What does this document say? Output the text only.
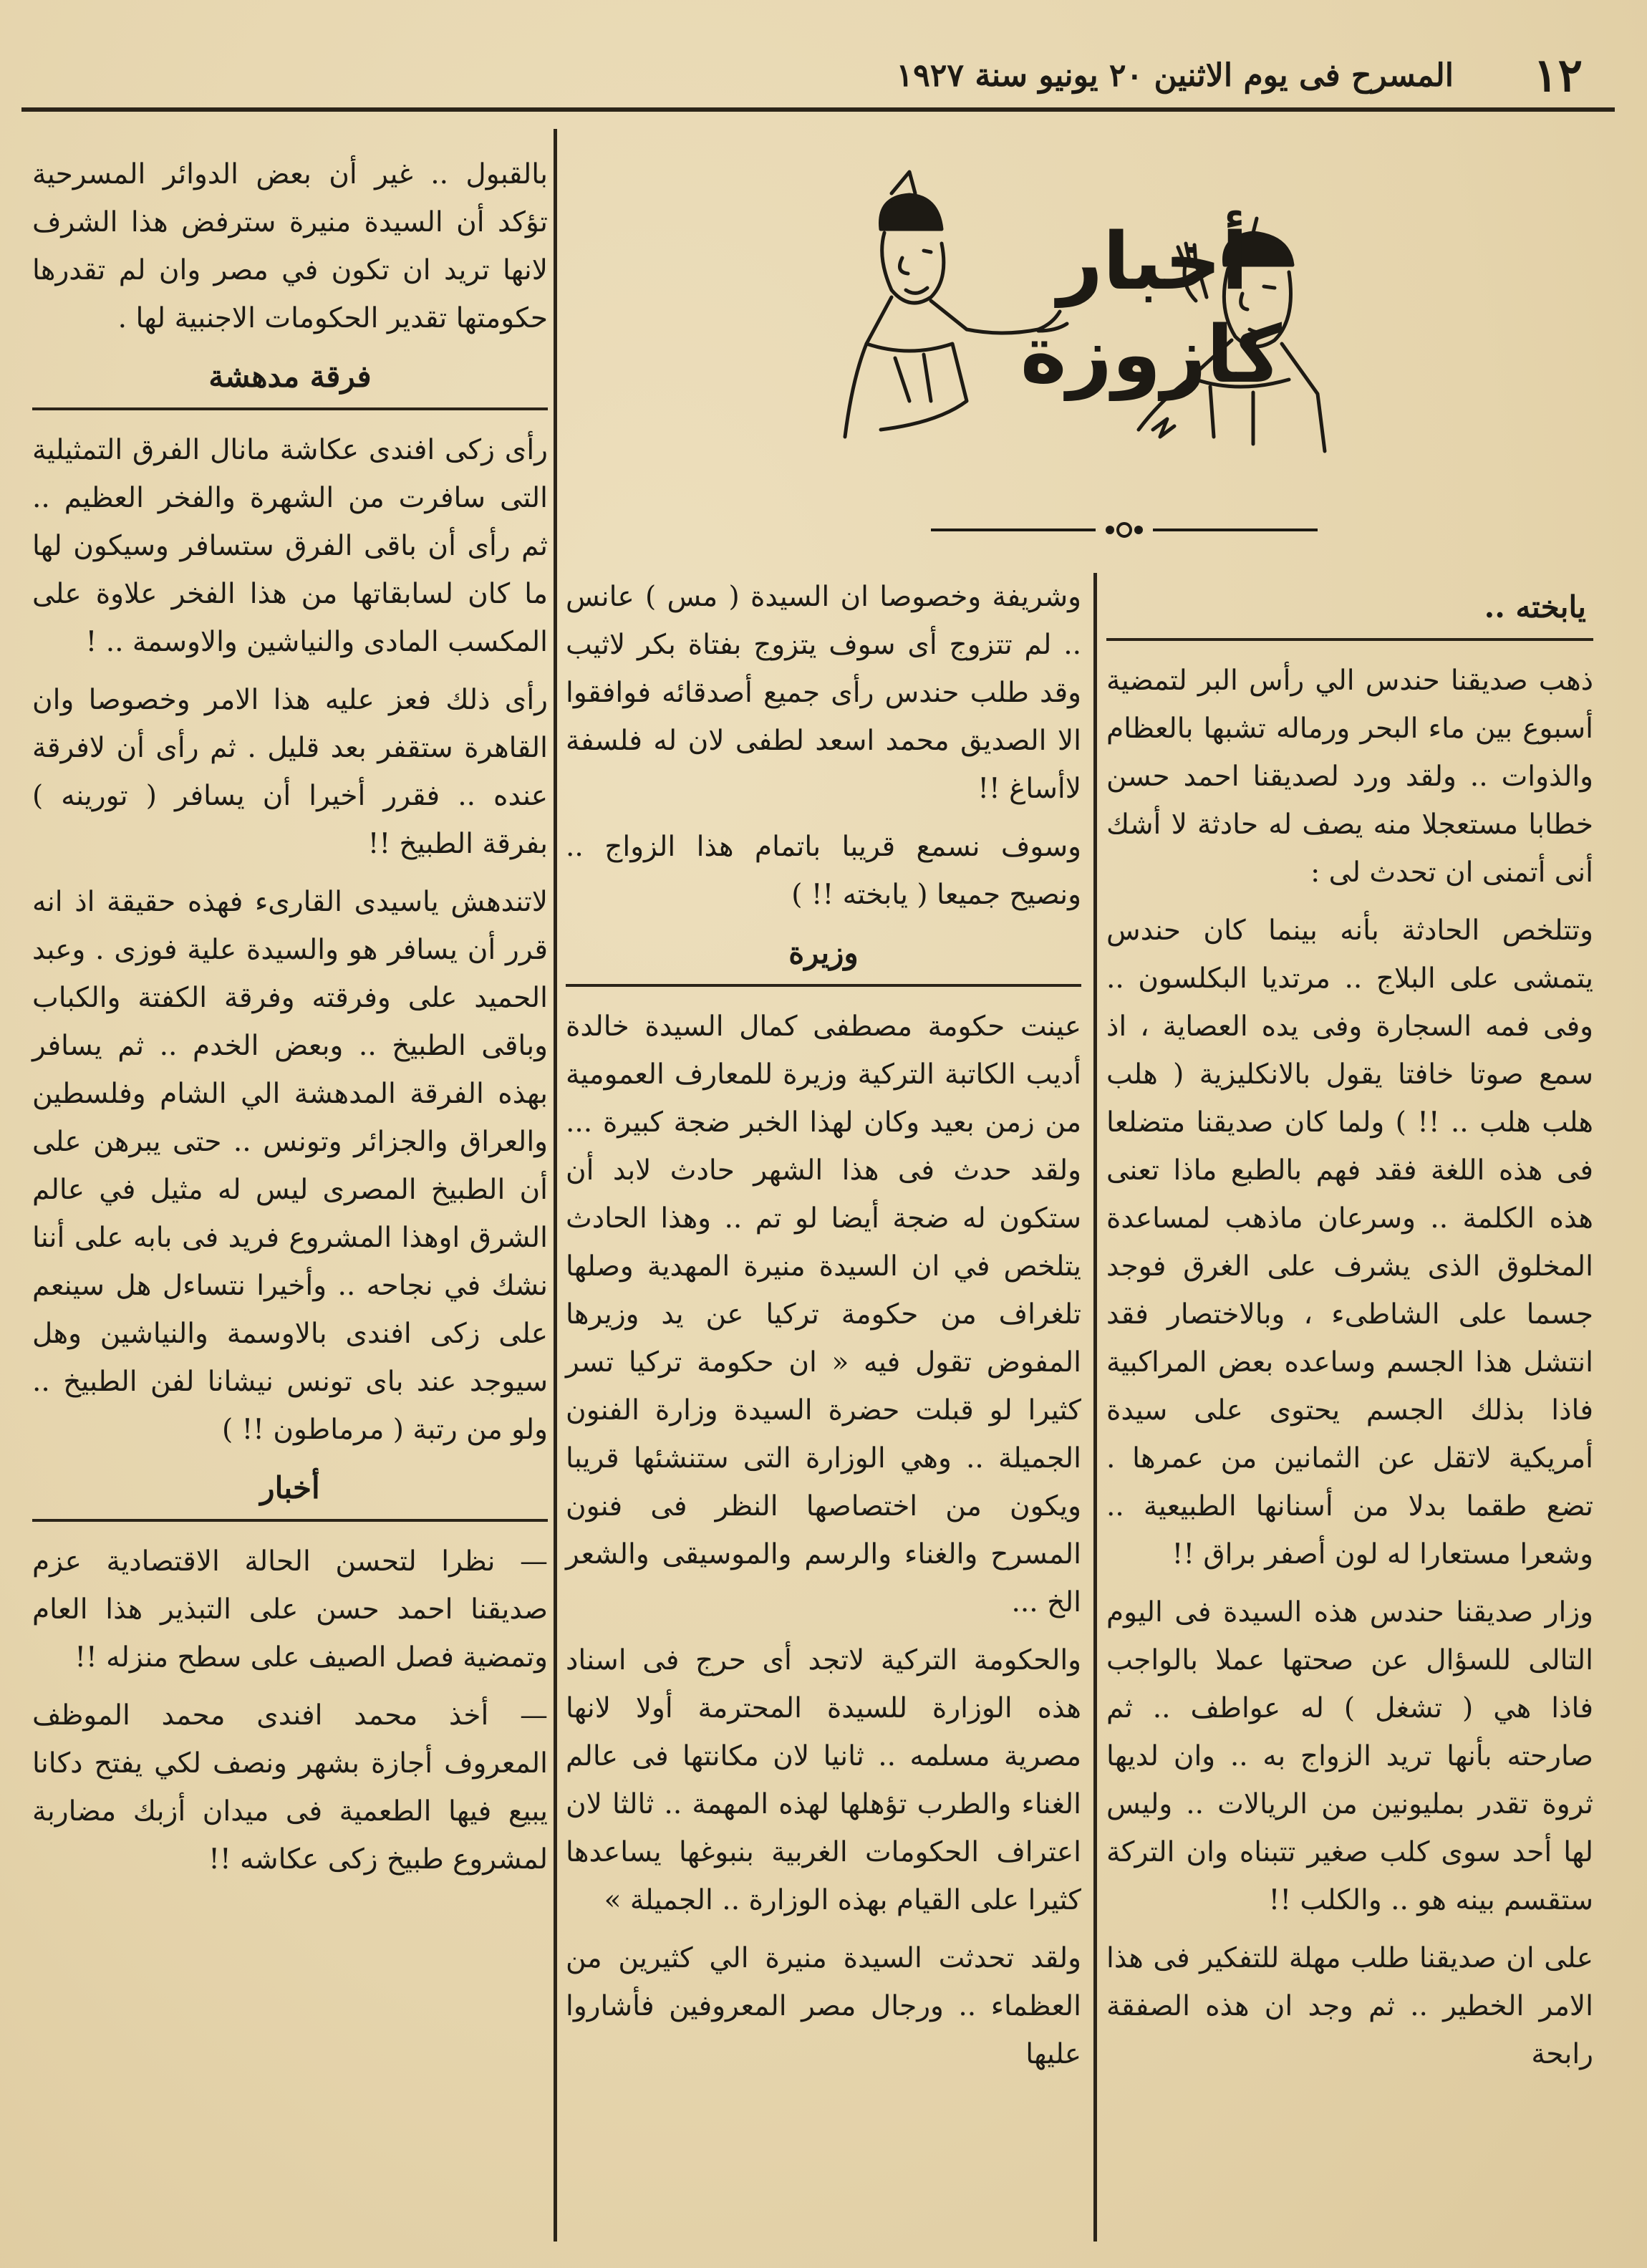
١٢
المسرح فى يوم الاثنين ٢٠ يونيو سنة ١٩٢٧
أخبار كازوزة
يابخته ..

ذهب صديقنا حندس الي رأس البر لتمضية أسبوع بين ماء البحر ورماله تشبها بالعظام والذوات .. ولقد ورد لصديقنا احمد حسن خطابا مستعجلا منه يصف له حادثة لا أشك أنى أتمنى ان تحدث لى :

وتتلخص الحادثة بأنه بينما كان حندس يتمشى على البلاج .. مرتديا البكلسون .. وفى فمه السجارة وفى يده العصاية ، اذ سمع صوتا خافتا يقول بالانكليزية ( هلب هلب هلب .. !! ) ولما كان صديقنا متضلعا فى هذه اللغة فقد فهم بالطبع ماذا تعنى هذه الكلمة .. وسرعان ماذهب لمساعدة المخلوق الذى يشرف على الغرق فوجد جسما على الشاطىء ، وبالاختصار فقد انتشل هذا الجسم وساعده بعض المراكبية فاذا بذلك الجسم يحتوى على سيدة أمريكية لاتقل عن الثمانين من عمرها . تضع طقما بدلا من أسنانها الطبيعية .. وشعرا مستعارا له لون أصفر براق !!

وزار صديقنا حندس هذه السيدة فى اليوم التالى للسؤال عن صحتها عملا بالواجب فاذا هي ( تشغل ) له عواطف .. ثم صارحته بأنها تريد الزواج به .. وان لديها ثروة تقدر بمليونين من الريالات .. وليس لها أحد سوى كلب صغير تتبناه وان التركة ستقسم بينه هو .. والكلب !!

على ان صديقنا طلب مهلة للتفكير فى هذا الامر الخطير .. ثم وجد ان هذه الصفقة رابحة

وشريفة وخصوصا ان السيدة ( مس ) عانس .. لم تتزوج أى سوف يتزوج بفتاة بكر لاثيب وقد طلب حندس رأى جميع أصدقائه فوافقوا الا الصديق محمد اسعد لطفى لان له فلسفة لاأساغ !!

وسوف نسمع قريبا باتمام هذا الزواج .. ونصيح جميعا ( يابخته !! )

وزيرة

عينت حكومة مصطفى كمال السيدة خالدة أديب الكاتبة التركية وزيرة للمعارف العمومية من زمن بعيد وكان لهذا الخبر ضجة كبيرة ... ولقد حدث فى هذا الشهر حادث لابد أن ستكون له ضجة أيضا لو تم .. وهذا الحادث يتلخص في ان السيدة منيرة المهدية وصلها تلغراف من حكومة تركيا عن يد وزيرها المفوض تقول فيه « ان حكومة تركيا تسر كثيرا لو قبلت حضرة السيدة وزارة الفنون الجميلة .. وهي الوزارة التى ستنشئها قريبا ويكون من اختصاصها النظر فى فنون المسرح والغناء والرسم والموسيقى والشعر الخ ...

والحكومة التركية لاتجد أى حرج فى اسناد هذه الوزارة للسيدة المحترمة أولا لانها مصرية مسلمه .. ثانيا لان مكانتها فى عالم الغناء والطرب تؤهلها لهذه المهمة .. ثالثا لان اعتراف الحكومات الغربية بنبوغها يساعدها كثيرا على القيام بهذه الوزارة .. الجميلة »

ولقد تحدثت السيدة منيرة الي كثيرين من العظماء .. ورجال مصر المعروفين فأشاروا عليها

بالقبول .. غير أن بعض الدوائر المسرحية تؤكد أن السيدة منيرة سترفض هذا الشرف لانها تريد ان تكون في مصر وان لم تقدرها حكومتها تقدير الحكومات الاجنبية لها .

فرقة مدهشة

رأى زكى افندى عكاشة مانال الفرق التمثيلية التى سافرت من الشهرة والفخر العظيم .. ثم رأى أن باقى الفرق ستسافر وسيكون لها ما كان لسابقاتها من هذا الفخر علاوة على المكسب المادى والنياشين والاوسمة .. !

رأى ذلك فعز عليه هذا الامر وخصوصا وان القاهرة ستقفر بعد قليل . ثم رأى أن لافرقة عنده .. فقرر أخيرا أن يسافر ( تورينه ) بفرقة الطبيخ !!

لاتندهش ياسيدى القارىء فهذه حقيقة اذ انه قرر أن يسافر هو والسيدة علية فوزى . وعبد الحميد على وفرقته وفرقة الكفتة والكباب وباقى الطبيخ .. وبعض الخدم .. ثم يسافر بهذه الفرقة المدهشة الي الشام وفلسطين والعراق والجزائر وتونس .. حتى يبرهن على أن الطبيخ المصرى ليس له مثيل في عالم الشرق اوهذا المشروع فريد فى بابه على أننا نشك في نجاحه .. وأخيرا نتساءل هل سينعم على زكى افندى بالاوسمة والنياشين وهل سيوجد عند باى تونس نيشانا لفن الطبيخ .. ولو من رتبة ( مرماطون !! )

أخبار

— نظرا لتحسن الحالة الاقتصادية عزم صديقنا احمد حسن على التبذير هذا العام وتمضية فصل الصيف على سطح منزله !!

— أخذ محمد افندى محمد الموظف المعروف أجازة بشهر ونصف لكي يفتح دكانا يبيع فيها الطعمية فى ميدان أزبك مضاربة لمشروع طبيخ زكى عكاشه !!
